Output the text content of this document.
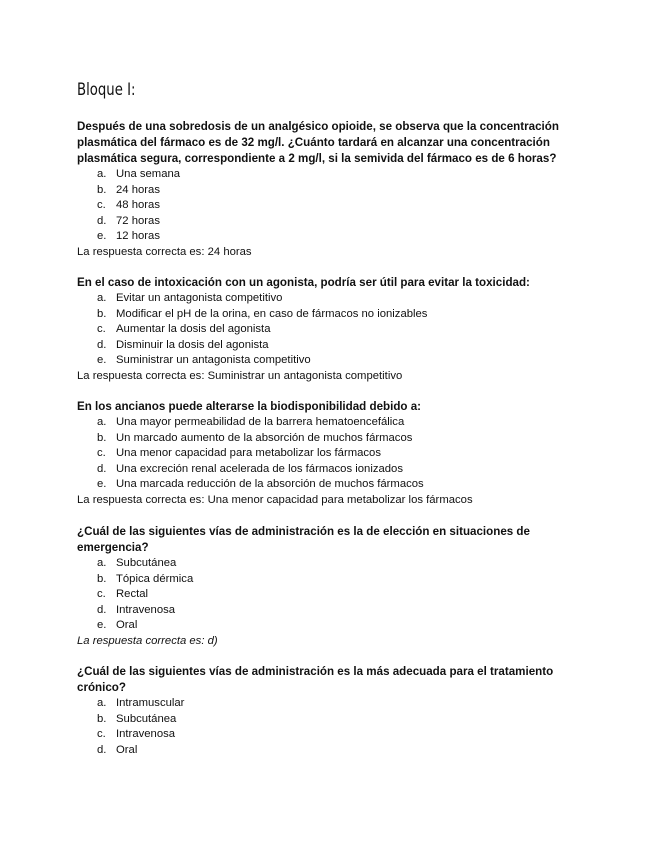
Bloque I:

Después de una sobredosis de un analgésico opioide, se observa que la concentración plasmática del fármaco es de 32 mg/l. ¿Cuánto tardará en alcanzar una concentración plasmática segura, correspondiente a 2 mg/l, si la semivida del fármaco es de 6 horas?

a. Una semana
b. 24 horas
c. 48 horas
d. 72 horas
e. 12 horas

La respuesta correcta es: 24 horas

En el caso de intoxicación con un agonista, podría ser útil para evitar la toxicidad:

a. Evitar un antagonista competitivo
b. Modificar el pH de la orina, en caso de fármacos no ionizables
c. Aumentar la dosis del agonista
d. Disminuir la dosis del agonista
e. Suministrar un antagonista competitivo

La respuesta correcta es: Suministrar un antagonista competitivo

En los ancianos puede alterarse la biodisponibilidad debido a:

a. Una mayor permeabilidad de la barrera hematoencefálica
b. Un marcado aumento de la absorción de muchos fármacos
c. Una menor capacidad para metabolizar los fármacos
d. Una excreción renal acelerada de los fármacos ionizados
e. Una marcada reducción de la absorción de muchos fármacos

La respuesta correcta es: Una menor capacidad para metabolizar los fármacos

¿Cuál de las siguientes vías de administración es la de elección en situaciones de emergencia?

a. Subcutánea
b. Tópica dérmica
c. Rectal
d. Intravenosa
e. Oral

La respuesta correcta es: d)

¿Cuál de las siguientes vías de administración es la más adecuada para el tratamiento crónico?

a. Intramuscular
b. Subcutánea
c. Intravenosa
d. Oral
